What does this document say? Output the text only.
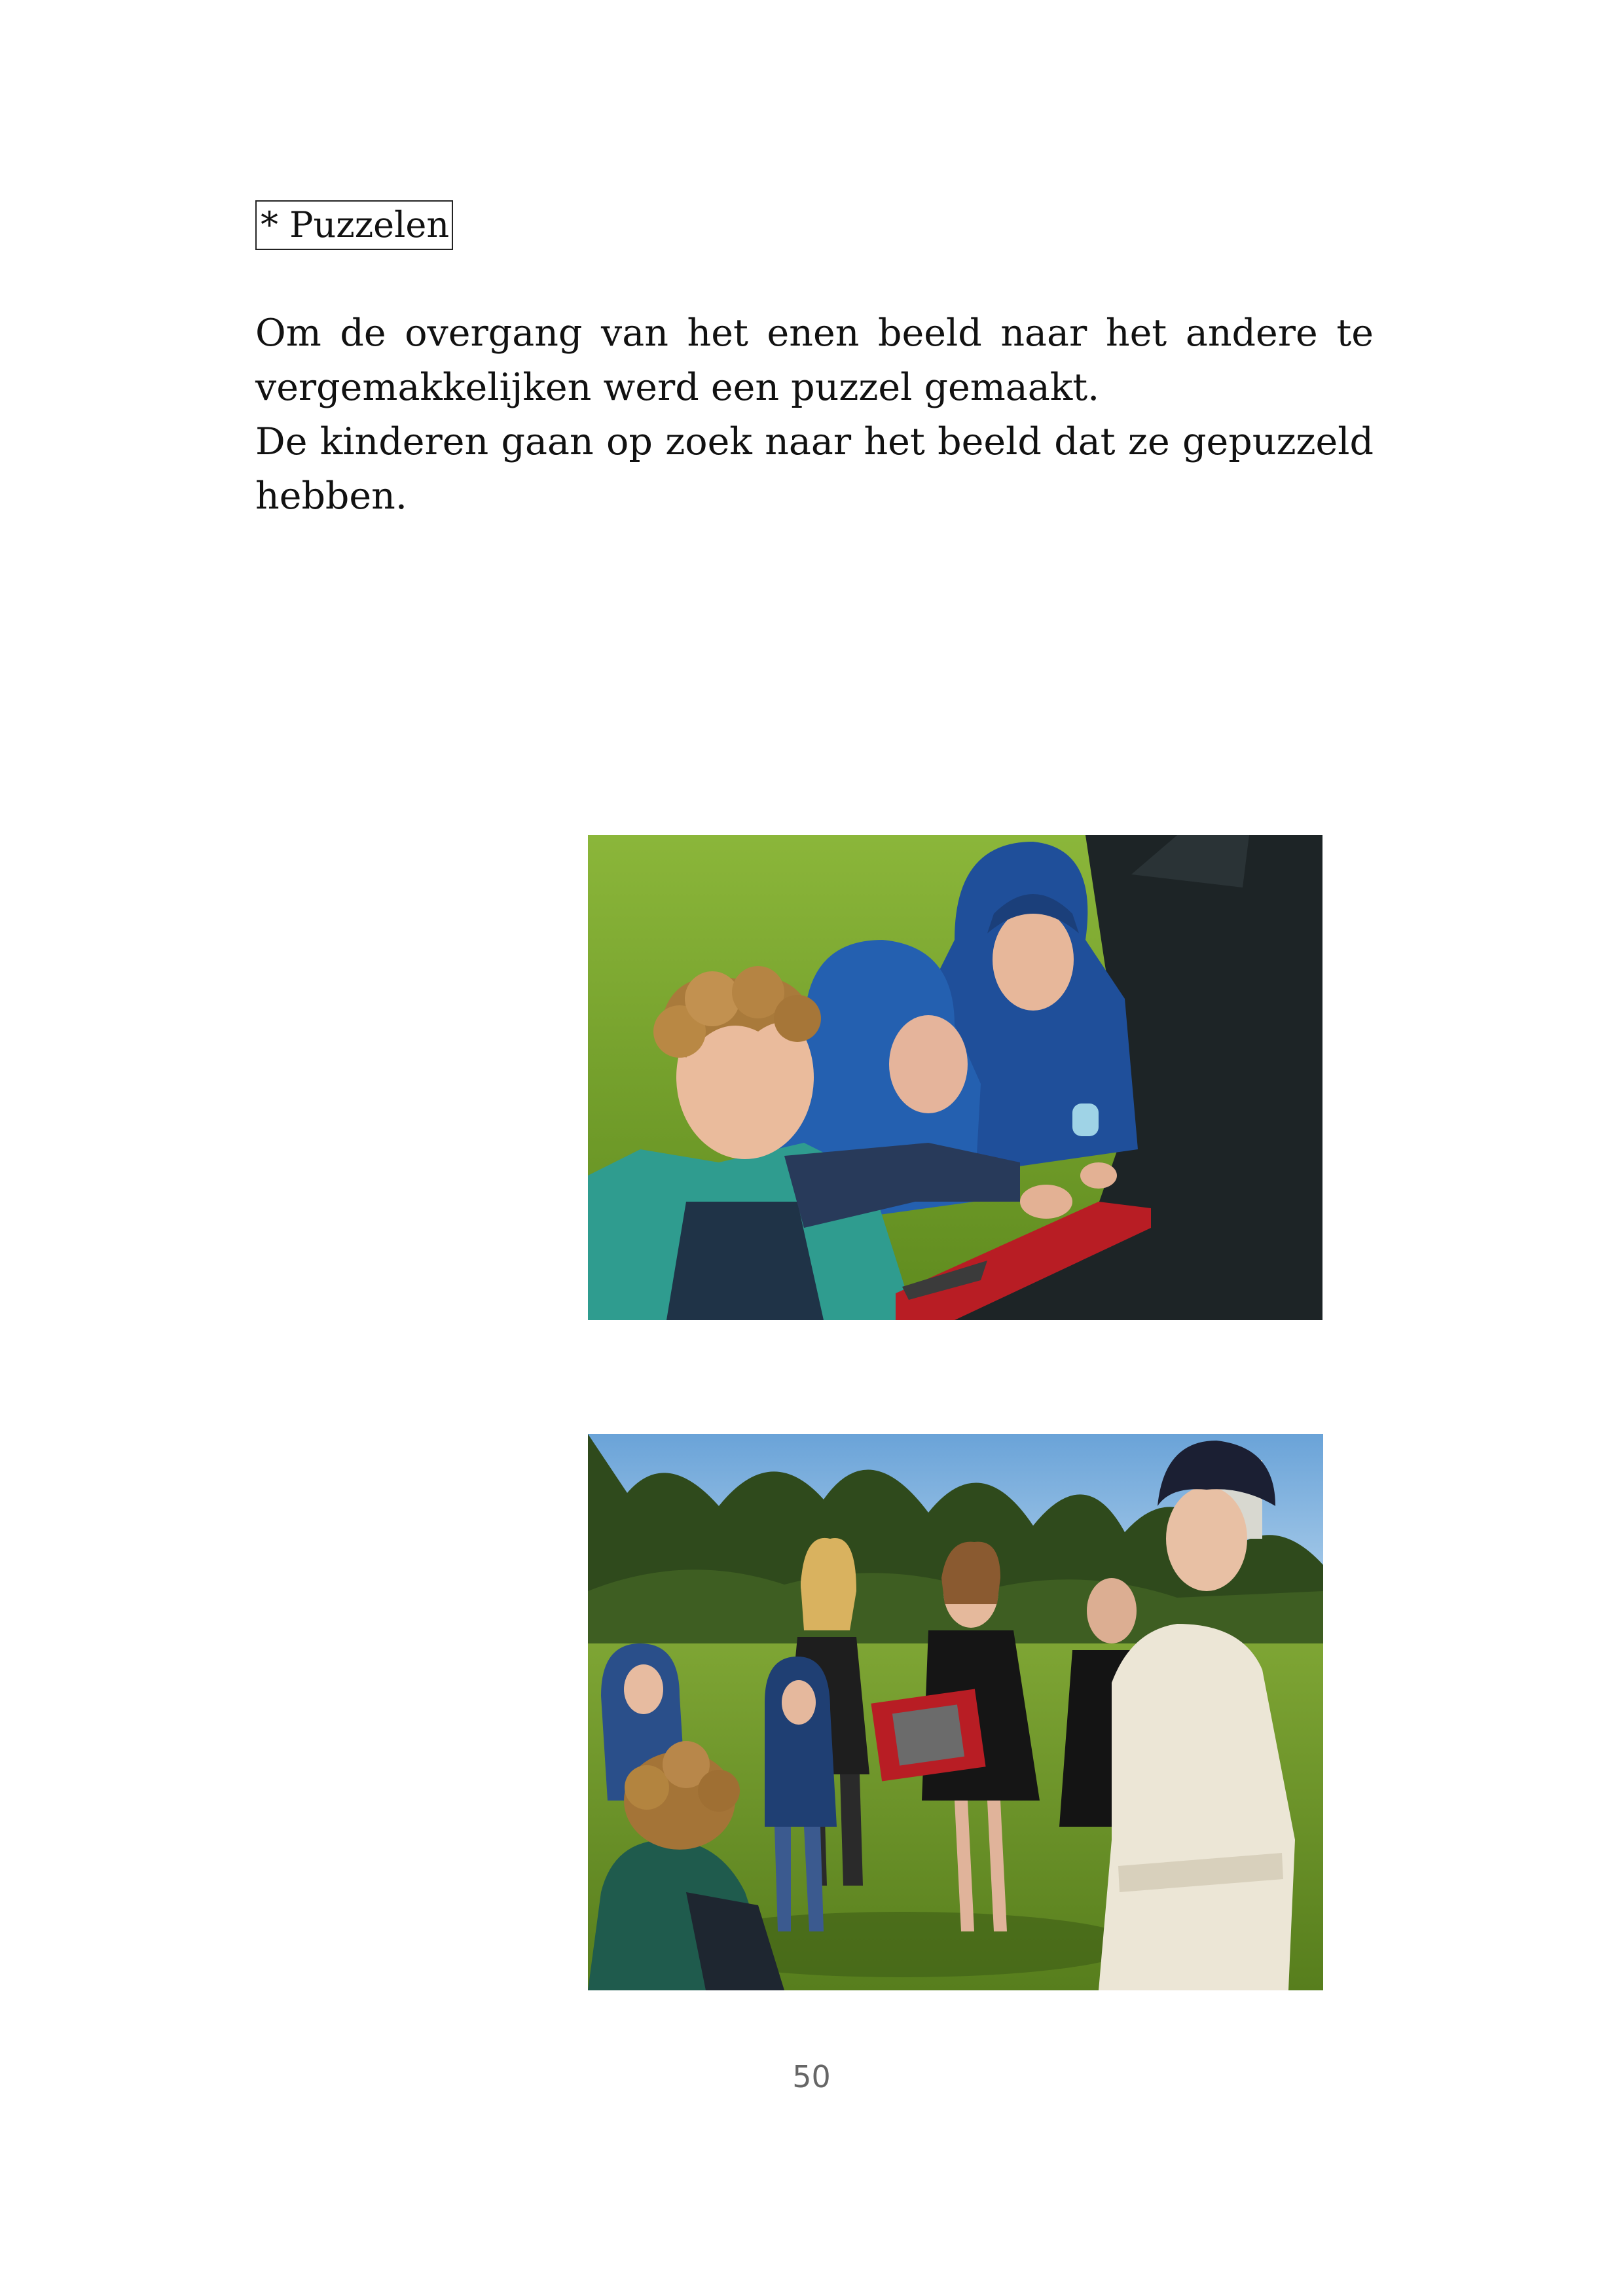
* Puzzelen

Om de overgang van het enen beeld naar het andere te vergemakkelijken werd een puzzel gemaakt.

De kinderen gaan op zoek naar het beeld dat ze gepuzzeld hebben.

50
